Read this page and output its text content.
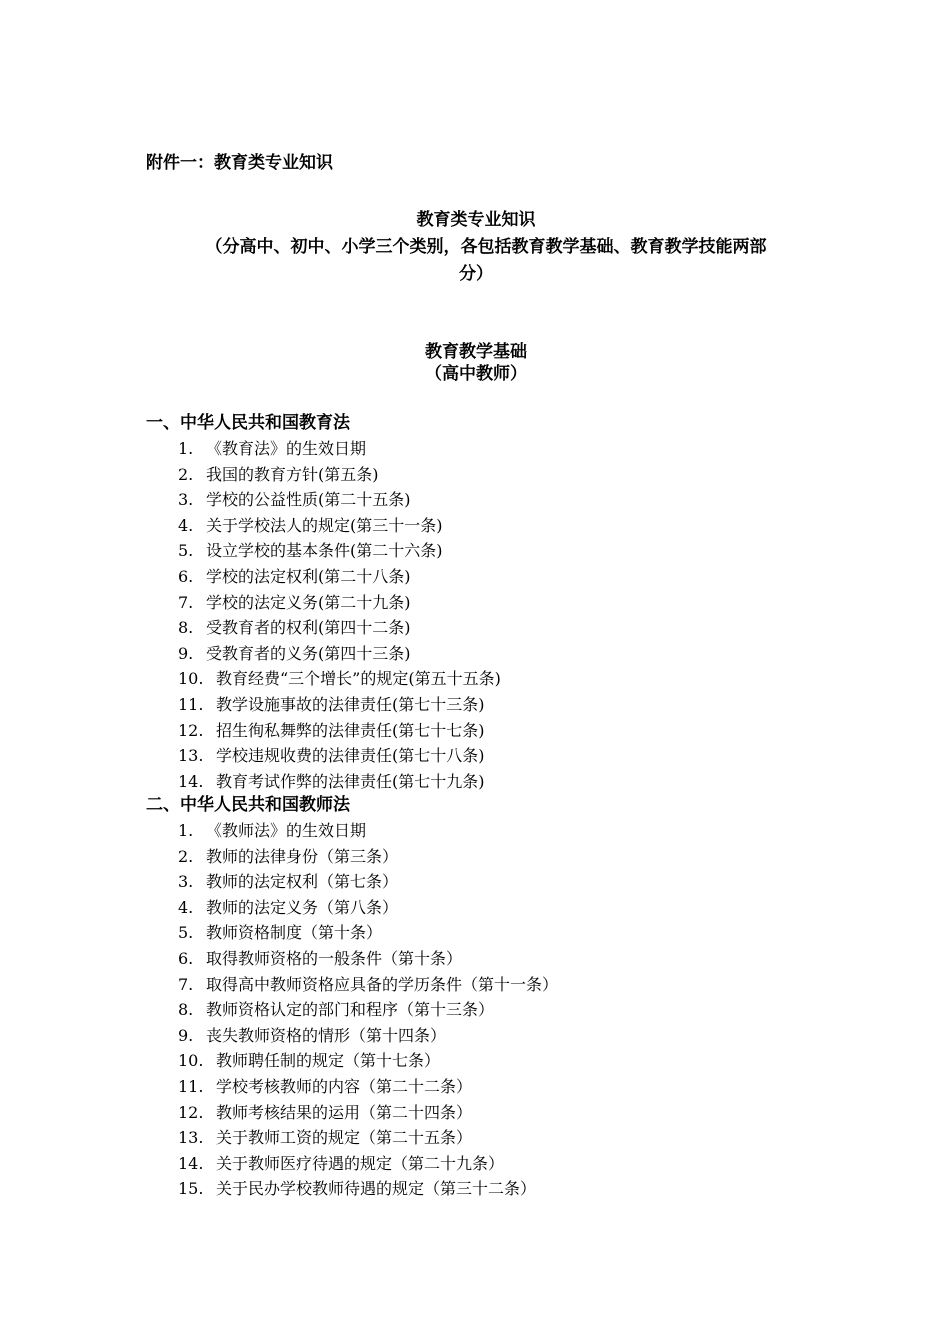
附件一：教育类专业知识
教育类专业知识
（分高中、初中、小学三个类别，各包括教育教学基础、教育教学技能两部
分）
教育教学基础
（高中教师）
一、中华人民共和国教育法
1. 《教育法》的生效日期
2. 我国的教育方针(第五条)
3. 学校的公益性质(第二十五条)
4. 关于学校法人的规定(第三十一条)
5. 设立学校的基本条件(第二十六条)
6. 学校的法定权利(第二十八条)
7. 学校的法定义务(第二十九条)
8. 受教育者的权利(第四十二条)
9. 受教育者的义务(第四十三条)
10. 教育经费“三个增长”的规定(第五十五条)
11. 教学设施事故的法律责任(第七十三条)
12. 招生徇私舞弊的法律责任(第七十七条)
13. 学校违规收费的法律责任(第七十八条)
14. 教育考试作弊的法律责任(第七十九条)
二、中华人民共和国教师法
1. 《教师法》的生效日期
2. 教师的法律身份（第三条）
3. 教师的法定权利（第七条）
4. 教师的法定义务（第八条）
5. 教师资格制度（第十条）
6. 取得教师资格的一般条件（第十条）
7. 取得高中教师资格应具备的学历条件（第十一条）
8. 教师资格认定的部门和程序（第十三条）
9. 丧失教师资格的情形（第十四条）
10. 教师聘任制的规定（第十七条）
11. 学校考核教师的内容（第二十二条）
12. 教师考核结果的运用（第二十四条）
13. 关于教师工资的规定（第二十五条）
14. 关于教师医疗待遇的规定（第二十九条）
15. 关于民办学校教师待遇的规定（第三十二条）
